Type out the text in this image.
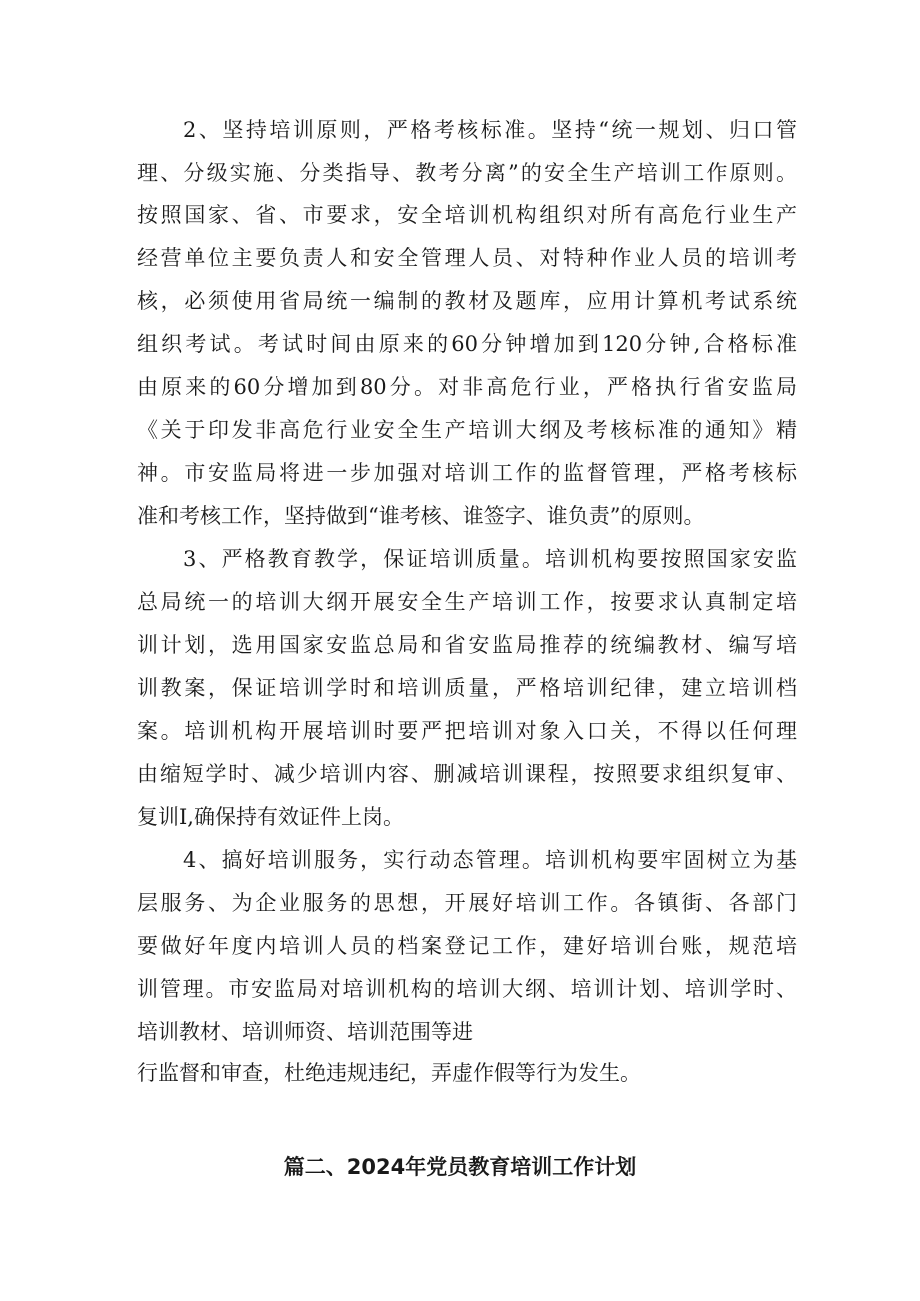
2、坚持培训原则，严格考核标准。坚持“统一规划、归口管
理、分级实施、分类指导、教考分离”的安全生产培训工作原则。
按照国家、省、市要求，安全培训机构组织对所有高危行业生产
经营单位主要负责人和安全管理人员、对特种作业人员的培训考
核，必须使用省局统一编制的教材及题库，应用计算机考试系统
组织考试。考试时间由原来的60分钟增加到120分钟,合格标准
由原来的60分增加到80分。对非高危行业，严格执行省安监局
《关于印发非高危行业安全生产培训大纲及考核标准的通知》精
神。市安监局将进一步加强对培训工作的监督管理，严格考核标
准和考核工作，坚持做到“谁考核、谁签字、谁负责”的原则。
3、严格教育教学，保证培训质量。培训机构要按照国家安监
总局统一的培训大纲开展安全生产培训工作，按要求认真制定培
训计划，选用国家安监总局和省安监局推荐的统编教材、编写培
训教案，保证培训学时和培训质量，严格培训纪律，建立培训档
案。培训机构开展培训时要严把培训对象入口关，不得以任何理
由缩短学时、减少培训内容、删减培训课程，按照要求组织复审、
复训I,确保持有效证件上岗。
4、搞好培训服务，实行动态管理。培训机构要牢固树立为基
层服务、为企业服务的思想，开展好培训工作。各镇街、各部门
要做好年度内培训人员的档案登记工作，建好培训台账，规范培
训管理。市安监局对培训机构的培训大纲、培训计划、培训学时、
培训教材、培训师资、培训范围等进
行监督和审查，杜绝违规违纪，弄虚作假等行为发生。
篇二、2024年党员教育培训工作计划
